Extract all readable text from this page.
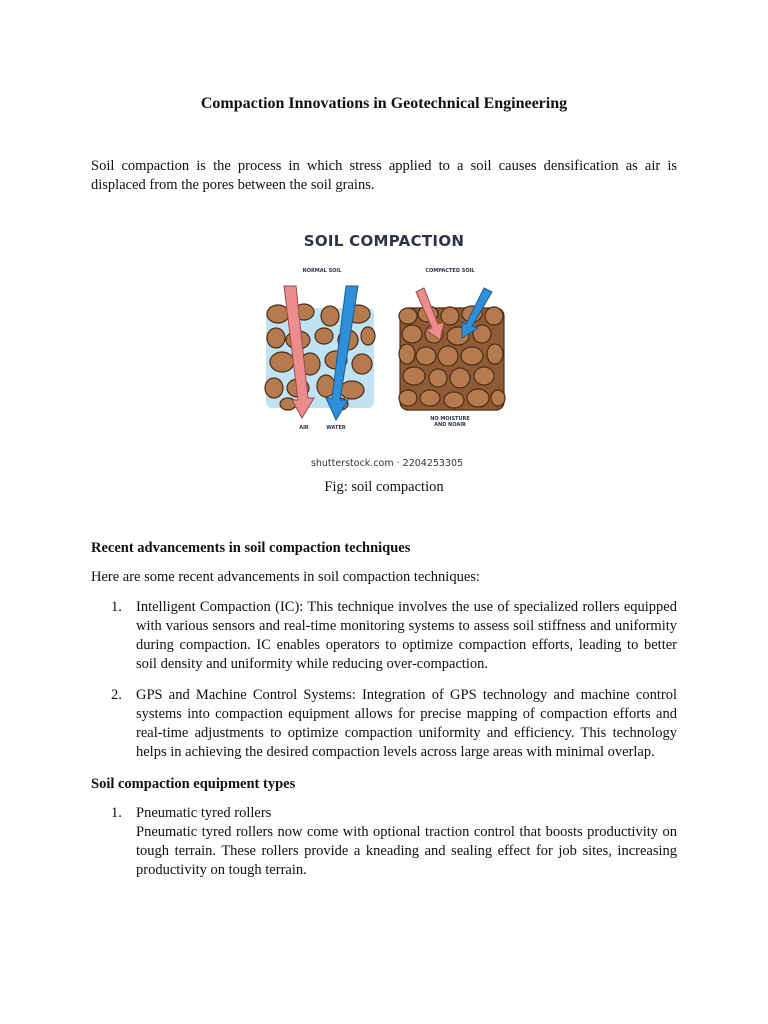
Compaction Innovations in Geotechnical Engineering
Soil compaction is the process in which stress applied to a soil causes densification as air is displaced from the pores between the soil grains.
SOIL COMPACTION
NORMAL SOIL	COMPACTED SOIL
AIR	WATER
NO MOISTURE AND NOAIR
shutterstock.com · 2204253305
Fig: soil compaction
Recent advancements in soil compaction techniques
Here are some recent advancements in soil compaction techniques:
1. Intelligent Compaction (IC): This technique involves the use of specialized rollers equipped with various sensors and real-time monitoring systems to assess soil stiffness and uniformity during compaction. IC enables operators to optimize compaction efforts, leading to better soil density and uniformity while reducing over-compaction.
2. GPS and Machine Control Systems: Integration of GPS technology and machine control systems into compaction equipment allows for precise mapping of compaction efforts and real-time adjustments to optimize compaction uniformity and efficiency. This technology helps in achieving the desired compaction levels across large areas with minimal overlap.
Soil compaction equipment types
1. Pneumatic tyred rollers
Pneumatic tyred rollers now come with optional traction control that boosts productivity on tough terrain. These rollers provide a kneading and sealing effect for job sites, increasing productivity on tough terrain.
